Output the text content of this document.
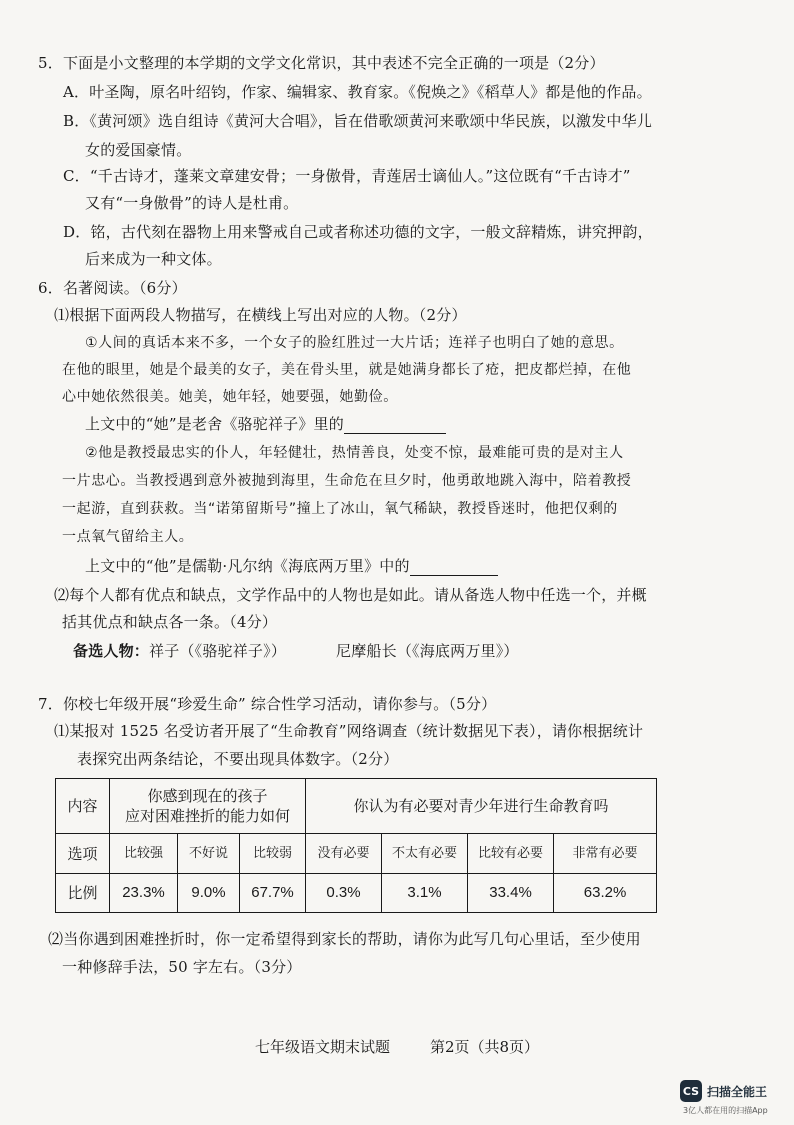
5．下面是小文整理的本学期的文学文化常识，其中表述不完全正确的一项是（2分）
A．叶圣陶，原名叶绍钧，作家、编辑家、教育家。《倪焕之》《稻草人》都是他的作品。
B．《黄河颂》选自组诗《黄河大合唱》，旨在借歌颂黄河来歌颂中华民族，以激发中华儿
女的爱国豪情。
C．“千古诗才，蓬莱文章建安骨；一身傲骨，青莲居士谪仙人。”这位既有“千古诗才”
又有“一身傲骨”的诗人是杜甫。
D．铭，古代刻在器物上用来警戒自己或者称述功德的文字，一般文辞精炼，讲究押韵，
后来成为一种文体。
6．名著阅读。（6分）
⑴根据下面两段人物描写，在横线上写出对应的人物。（2分）
①人间的真话本来不多，一个女子的脸红胜过一大片话；连祥子也明白了她的意思。
在他的眼里，她是个最美的女子，美在骨头里，就是她满身都长了疮，把皮都烂掉，在他
心中她依然很美。她美，她年轻，她要强，她勤俭。
上文中的“她”是老舍《骆驼祥子》里的
②他是教授最忠实的仆人，年轻健壮，热情善良，处变不惊，最难能可贵的是对主人
一片忠心。当教授遇到意外被抛到海里，生命危在旦夕时，他勇敢地跳入海中，陪着教授
一起游，直到获救。当“诺第留斯号”撞上了冰山，氧气稀缺，教授昏迷时，他把仅剩的
一点氧气留给主人。
上文中的“他”是儒勒·凡尔纳《海底两万里》中的
⑵每个人都有优点和缺点，文学作品中的人物也是如此。请从备选人物中任选一个，并概
括其优点和缺点各一条。（4分）
备选人物：祥子（《骆驼祥子》）	尼摩船长（《海底两万里》）
7．你校七年级开展“珍爱生命” 综合性学习活动，请你参与。（5分）
⑴某报对 1525 名受访者开展了“生命教育”网络调查（统计数据见下表），请你根据统计
表探究出两条结论，不要出现具体数字。（2分）
内容	你感到现在的孩子
应对困难挫折的能力如何			你认为有必要对青少年进行生命教育吗			
选项	比较强	不好说	比较弱	没有必要	不太有必要	比较有必要	非常有必要
比例	23.3%	9.0%	67.7%	0.3%	3.1%	33.4%	63.2%
⑵当你遇到困难挫折时，你一定希望得到家长的帮助，请你为此写几句心里话，至少使用
一种修辞手法，50 字左右。（3分）
七年级语文期末试题	第2页（共8页）
CS 扫描全能王
3亿人都在用的扫描App
